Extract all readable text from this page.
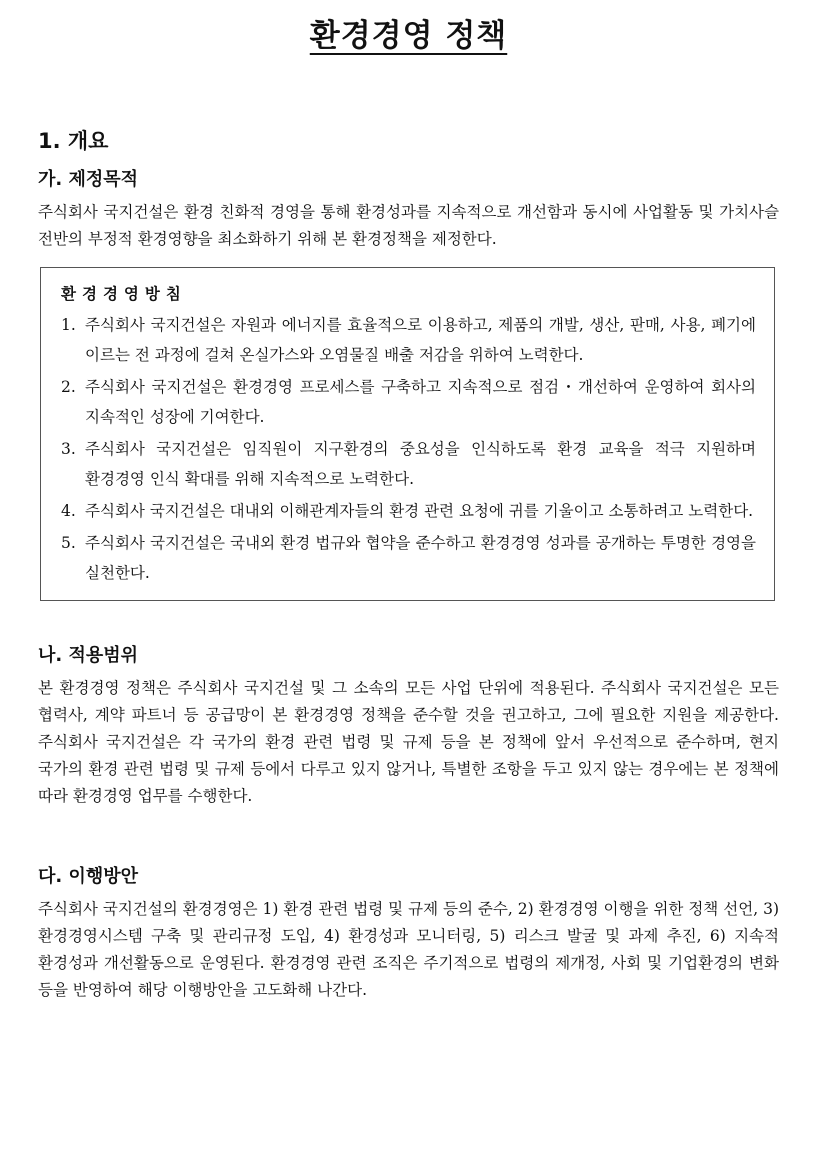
환경경영 정책
1. 개요
가. 제정목적

주식회사 국지건설은 환경 친화적 경영을 통해 환경성과를 지속적으로 개선함과 동시에 사업활동 및 가치사슬 전반의 부정적 환경영향을 최소화하기 위해 본 환경정책을 제정한다.

환경경영방침
1. 주식회사 국지건설은 자원과 에너지를 효율적으로 이용하고, 제품의 개발, 생산, 판매, 사용, 폐기에 이르는 전 과정에 걸쳐 온실가스와 오염물질 배출 저감을 위하여 노력한다.
2. 주식회사 국지건설은 환경경영 프로세스를 구축하고 지속적으로 점검・개선하여 운영하여 회사의 지속적인 성장에 기여한다.
3. 주식회사 국지건설은 임직원이 지구환경의 중요성을 인식하도록 환경 교육을 적극 지원하며 환경경영 인식 확대를 위해 지속적으로 노력한다.
4. 주식회사 국지건설은 대내외 이해관계자들의 환경 관련 요청에 귀를 기울이고 소통하려고 노력한다.
5. 주식회사 국지건설은 국내외 환경 법규와 협약을 준수하고 환경경영 성과를 공개하는 투명한 경영을 실천한다.
나. 적용범위

본 환경경영 정책은 주식회사 국지건설 및 그 소속의 모든 사업 단위에 적용된다. 주식회사 국지건설은 모든 협력사, 계약 파트너 등 공급망이 본 환경경영 정책을 준수할 것을 권고하고, 그에 필요한 지원을 제공한다. 주식회사 국지건설은 각 국가의 환경 관련 법령 및 규제 등을 본 정책에 앞서 우선적으로 준수하며, 현지 국가의 환경 관련 법령 및 규제 등에서 다루고 있지 않거나, 특별한 조항을 두고 있지 않는 경우에는 본 정책에 따라 환경경영 업무를 수행한다.

다. 이행방안

주식회사 국지건설의 환경경영은 1) 환경 관련 법령 및 규제 등의 준수, 2) 환경경영 이행을 위한 정책 선언, 3) 환경경영시스템 구축 및 관리규정 도입, 4) 환경성과 모니터링, 5) 리스크 발굴 및 과제 추진, 6) 지속적 환경성과 개선활동으로 운영된다. 환경경영 관련 조직은 주기적으로 법령의 제개정, 사회 및 기업환경의 변화 등을 반영하여 해당 이행방안을 고도화해 나간다.
